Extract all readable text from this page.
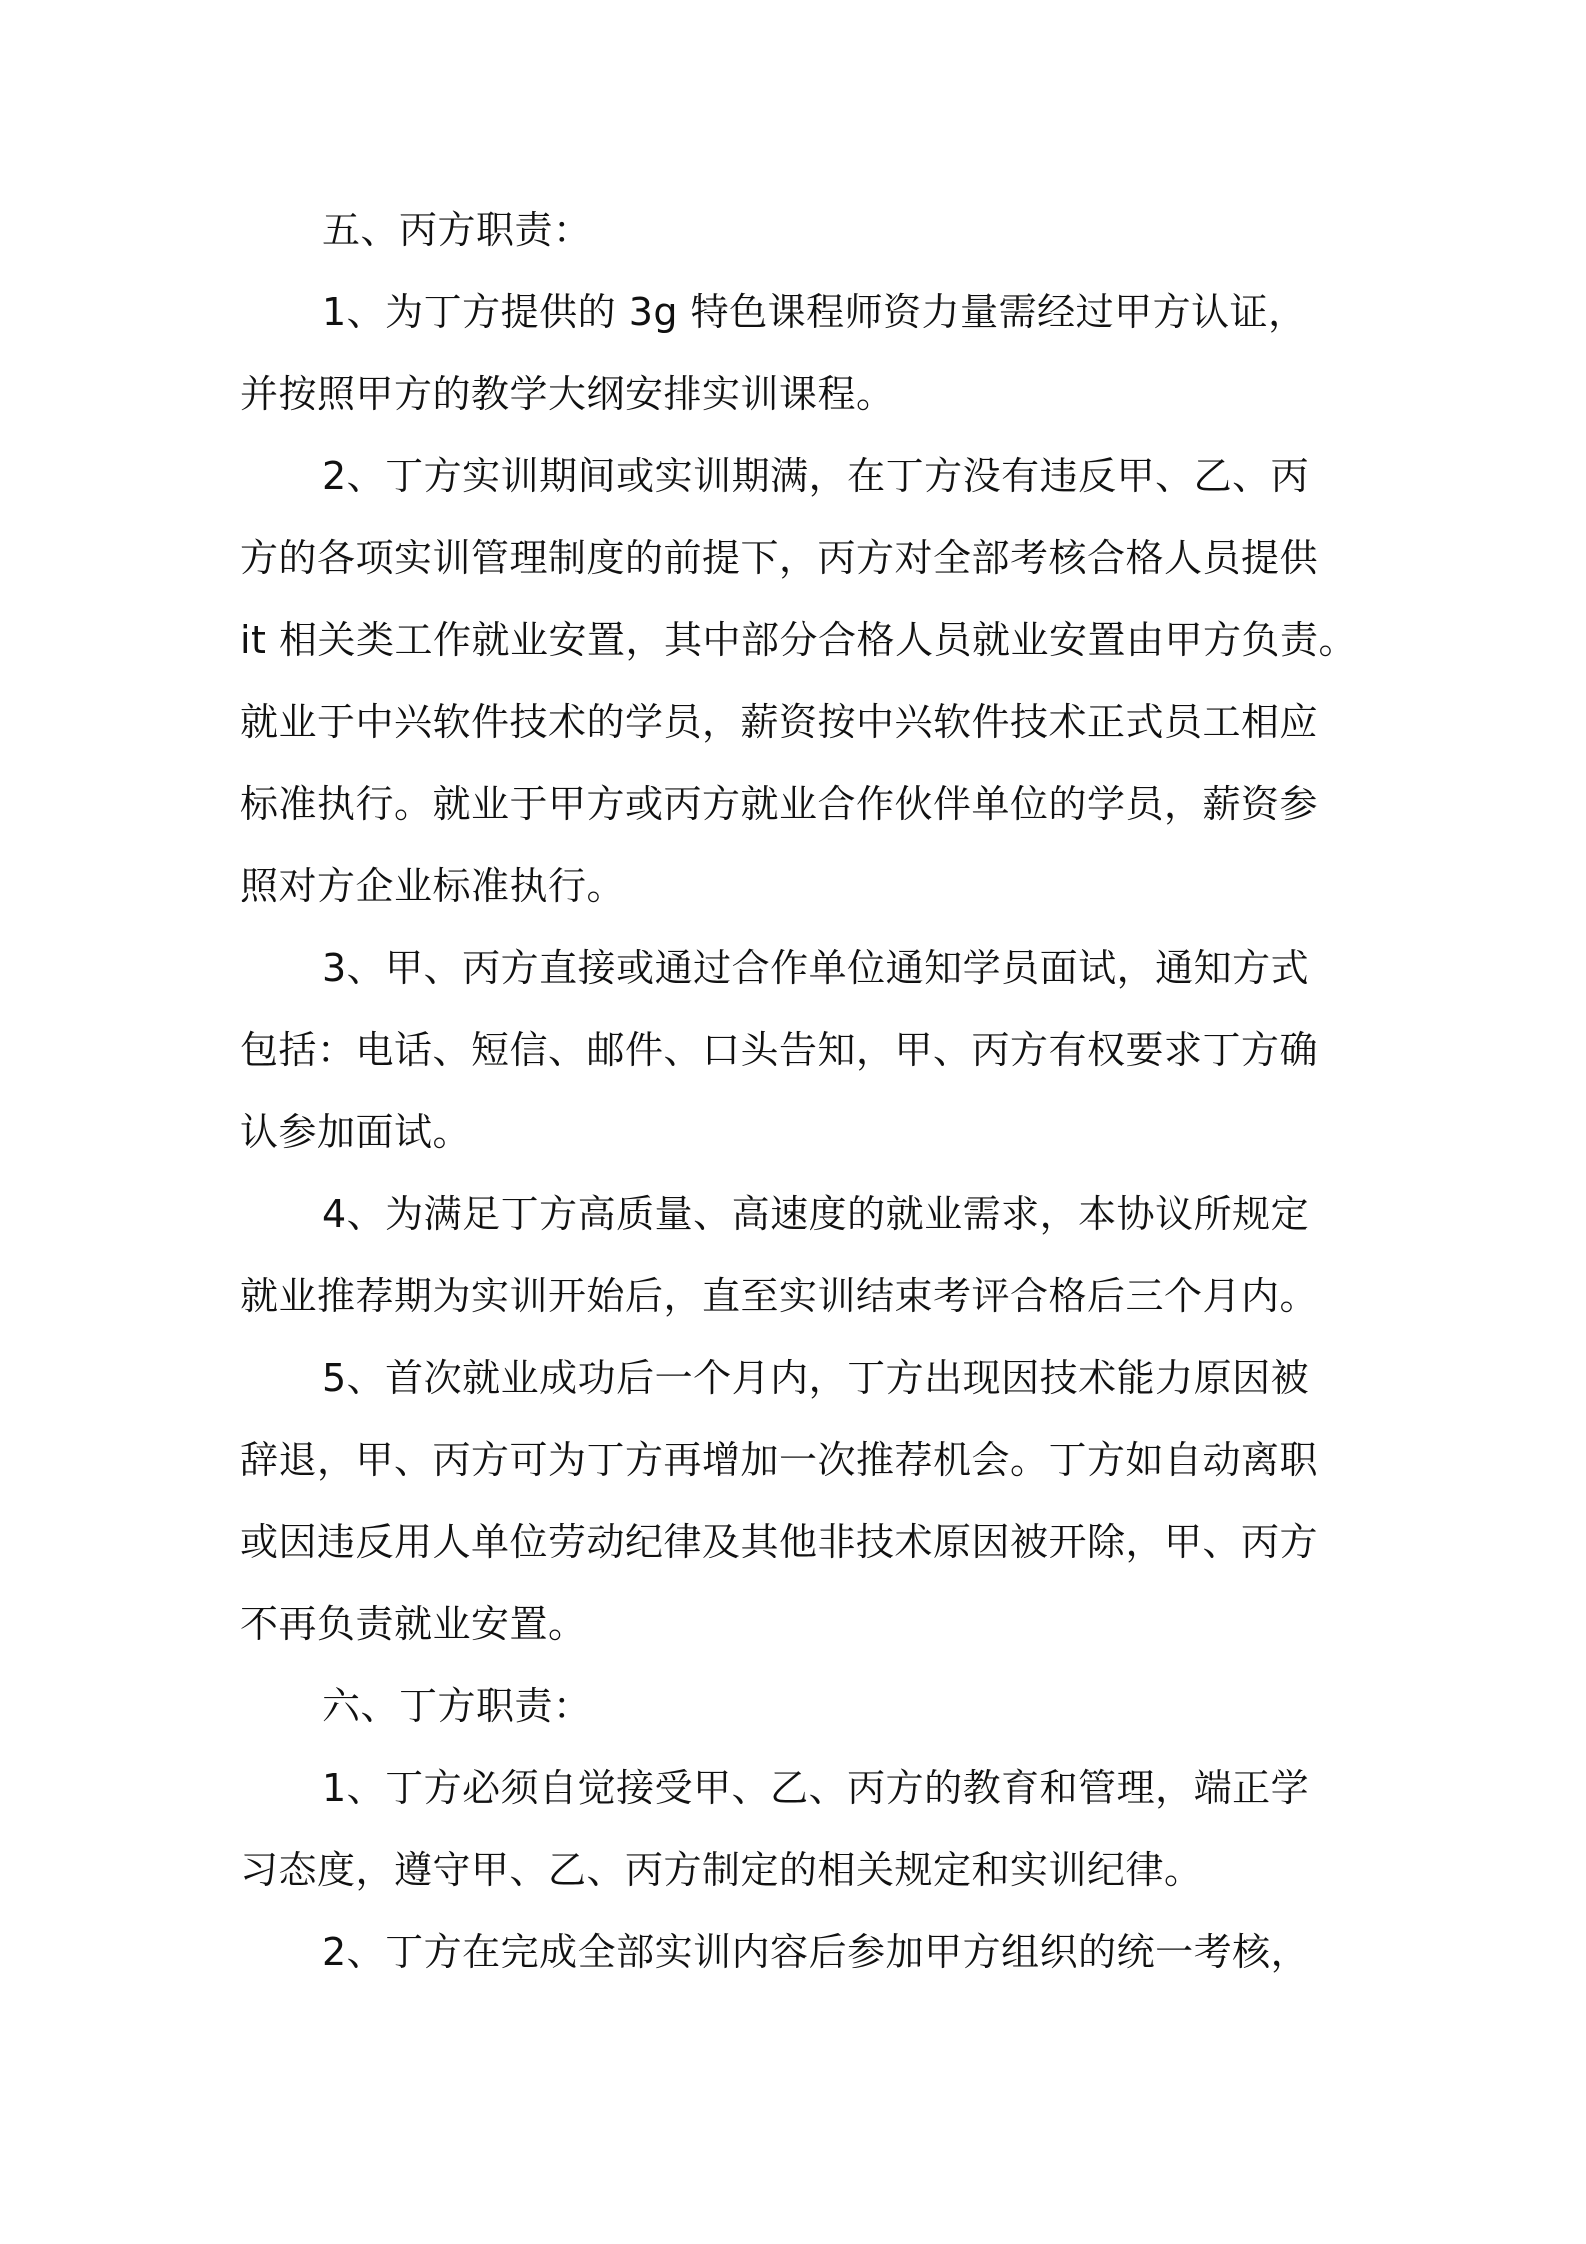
五、丙方职责：
1、为丁方提供的 3g 特色课程师资力量需经过甲方认证，
并按照甲方的教学大纲安排实训课程。
2、丁方实训期间或实训期满，在丁方没有违反甲、乙、丙
方的各项实训管理制度的前提下，丙方对全部考核合格人员提供
it 相关类工作就业安置，其中部分合格人员就业安置由甲方负责。
就业于中兴软件技术的学员，薪资按中兴软件技术正式员工相应
标准执行。就业于甲方或丙方就业合作伙伴单位的学员，薪资参
照对方企业标准执行。
3、甲、丙方直接或通过合作单位通知学员面试，通知方式
包括：电话、短信、邮件、口头告知，甲、丙方有权要求丁方确
认参加面试。
4、为满足丁方高质量、高速度的就业需求，本协议所规定
就业推荐期为实训开始后，直至实训结束考评合格后三个月内。
5、首次就业成功后一个月内，丁方出现因技术能力原因被
辞退，甲、丙方可为丁方再增加一次推荐机会。丁方如自动离职
或因违反用人单位劳动纪律及其他非技术原因被开除，甲、丙方
不再负责就业安置。
六、丁方职责：
1、丁方必须自觉接受甲、乙、丙方的教育和管理，端正学
习态度，遵守甲、乙、丙方制定的相关规定和实训纪律。
2、丁方在完成全部实训内容后参加甲方组织的统一考核，
